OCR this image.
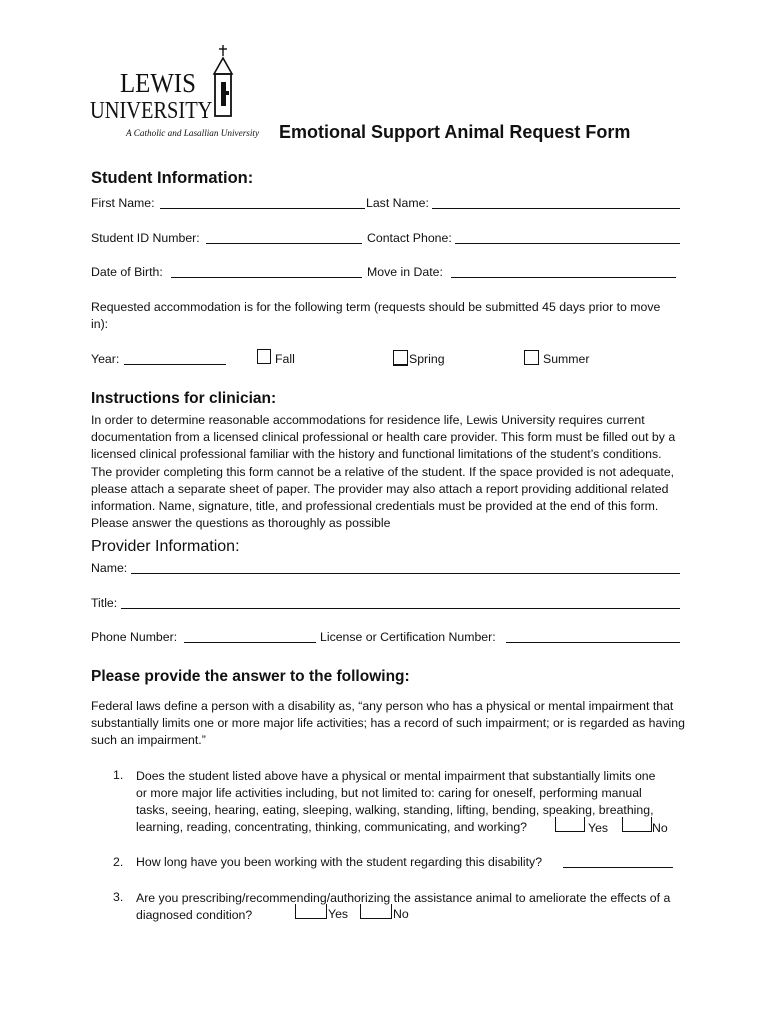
LEWIS
UNIVERSITY
A Catholic and Lasallian University Emotional Support Animal Request Form
Student Information:
First Name:	Last Name:
Student ID Number:	Contact Phone:
Date of Birth:	Move in Date:
Requested accommodation is for the following term (requests should be submitted 45 days prior to move in):
Year:	Fall	Spring	Summer
Instructions for clinician:
In order to determine reasonable accommodations for residence life, Lewis University requires current documentation from a licensed clinical professional or health care provider. This form must be filled out by a licensed clinical professional familiar with the history and functional limitations of the student’s conditions. The provider completing this form cannot be a relative of the student. If the space provided is not adequate, please attach a separate sheet of paper. The provider may also attach a report providing additional related information. Name, signature, title, and professional credentials must be provided at the end of this form. Please answer the questions as thoroughly as possible
Provider Information:
Name:
Title:
Phone Number:	License or Certification Number:
Please provide the answer to the following:
Federal laws define a person with a disability as, “any person who has a physical or mental impairment that substantially limits one or more major life activities; has a record of such impairment; or is regarded as having such an impairment.”
1. Does the student listed above have a physical or mental impairment that substantially limits one or more major life activities including, but not limited to: caring for oneself, performing manual tasks, seeing, hearing, eating, sleeping, walking, standing, lifting, bending, speaking, breathing, learning, reading, concentrating, thinking, communicating, and working?	Yes	No
2. How long have you been working with the student regarding this disability?
3. Are you prescribing/recommending/authorizing the assistance animal to ameliorate the effects of a diagnosed condition?	Yes	No
